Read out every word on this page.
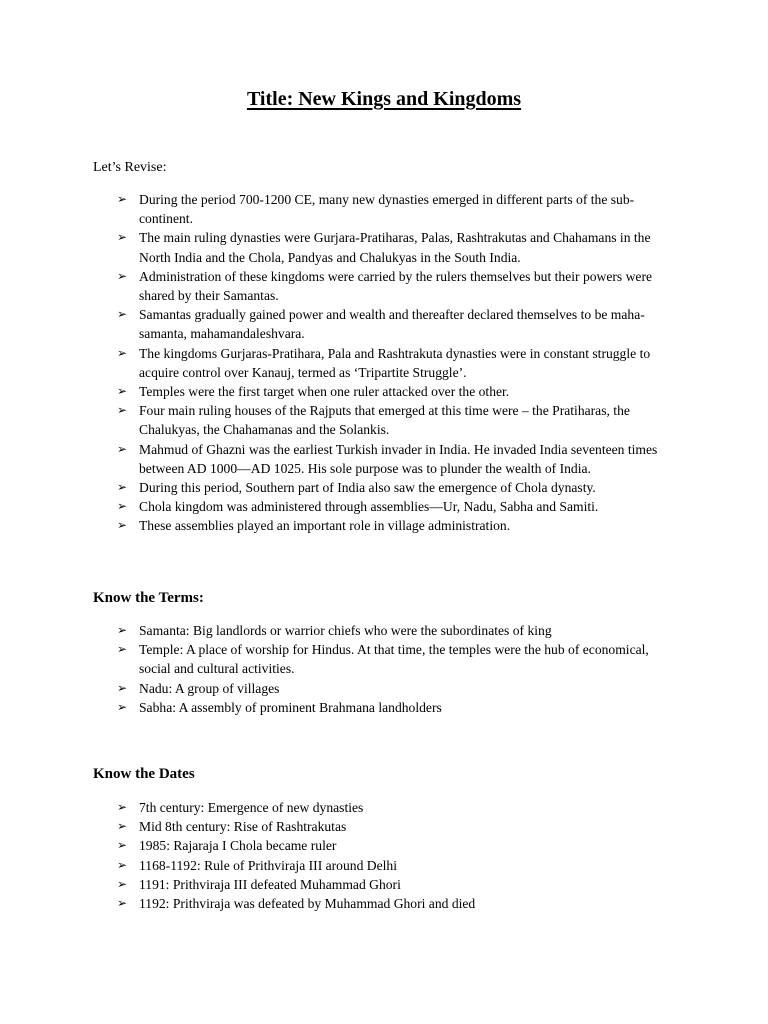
Title: New Kings and Kingdoms
Let’s Revise:
➢ During the period 700-1200 CE, many new dynasties emerged in different parts of the sub-continent.
➢ The main ruling dynasties were Gurjara-Pratiharas, Palas, Rashtrakutas and Chahamans in the North India and the Chola, Pandyas and Chalukyas in the South India.
➢ Administration of these kingdoms were carried by the rulers themselves but their powers were shared by their Samantas.
➢ Samantas gradually gained power and wealth and thereafter declared themselves to be maha-samanta, mahamandaleshvara.
➢ The kingdoms Gurjaras-Pratihara, Pala and Rashtrakuta dynasties were in constant struggle to acquire control over Kanauj, termed as ‘Tripartite Struggle’.
➢ Temples were the first target when one ruler attacked over the other.
➢ Four main ruling houses of the Rajputs that emerged at this time were – the Pratiharas, the Chalukyas, the Chahamanas and the Solankis.
➢ Mahmud of Ghazni was the earliest Turkish invader in India. He invaded India seventeen times between AD 1000—AD 1025. His sole purpose was to plunder the wealth of India.
➢ During this period, Southern part of India also saw the emergence of Chola dynasty.
➢ Chola kingdom was administered through assemblies—Ur, Nadu, Sabha and Samiti.
➢ These assemblies played an important role in village administration.
Know the Terms:
➢ Samanta: Big landlords or warrior chiefs who were the subordinates of king
➢ Temple: A place of worship for Hindus. At that time, the temples were the hub of economical, social and cultural activities.
➢ Nadu: A group of villages
➢ Sabha: A assembly of prominent Brahmana landholders
Know the Dates
➢ 7th century: Emergence of new dynasties
➢ Mid 8th century: Rise of Rashtrakutas
➢ 1985: Rajaraja I Chola became ruler
➢ 1168-1192: Rule of Prithviraja III around Delhi
➢ 1191: Prithviraja III defeated Muhammad Ghori
➢ 1192: Prithviraja was defeated by Muhammad Ghori and died
